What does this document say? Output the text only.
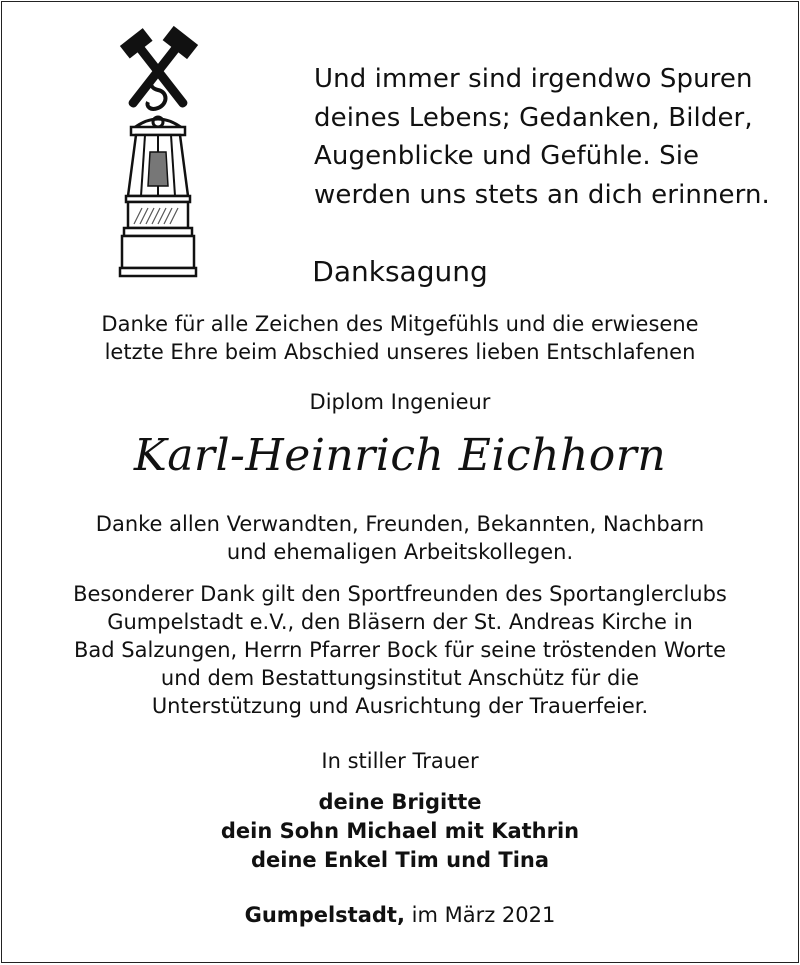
Und immer sind irgendwo Spuren
deines Lebens; Gedanken, Bilder,
Augenblicke und Gefühle. Sie
werden uns stets an dich erinnern.
Danksagung
Danke für alle Zeichen des Mitgefühls und die erwiesene
letzte Ehre beim Abschied unseres lieben Entschlafenen
Diplom Ingenieur
Karl-Heinrich Eichhorn
Danke allen Verwandten, Freunden, Bekannten, Nachbarn
und ehemaligen Arbeitskollegen.
Besonderer Dank gilt den Sportfreunden des Sportanglerclubs
Gumpelstadt e.V., den Bläsern der St. Andreas Kirche in
Bad Salzungen, Herrn Pfarrer Bock für seine tröstenden Worte
und dem Bestattungsinstitut Anschütz für die
Unterstützung und Ausrichtung der Trauerfeier.
In stiller Trauer
deine Brigitte
dein Sohn Michael mit Kathrin
deine Enkel Tim und Tina
Gumpelstadt, im März 2021
